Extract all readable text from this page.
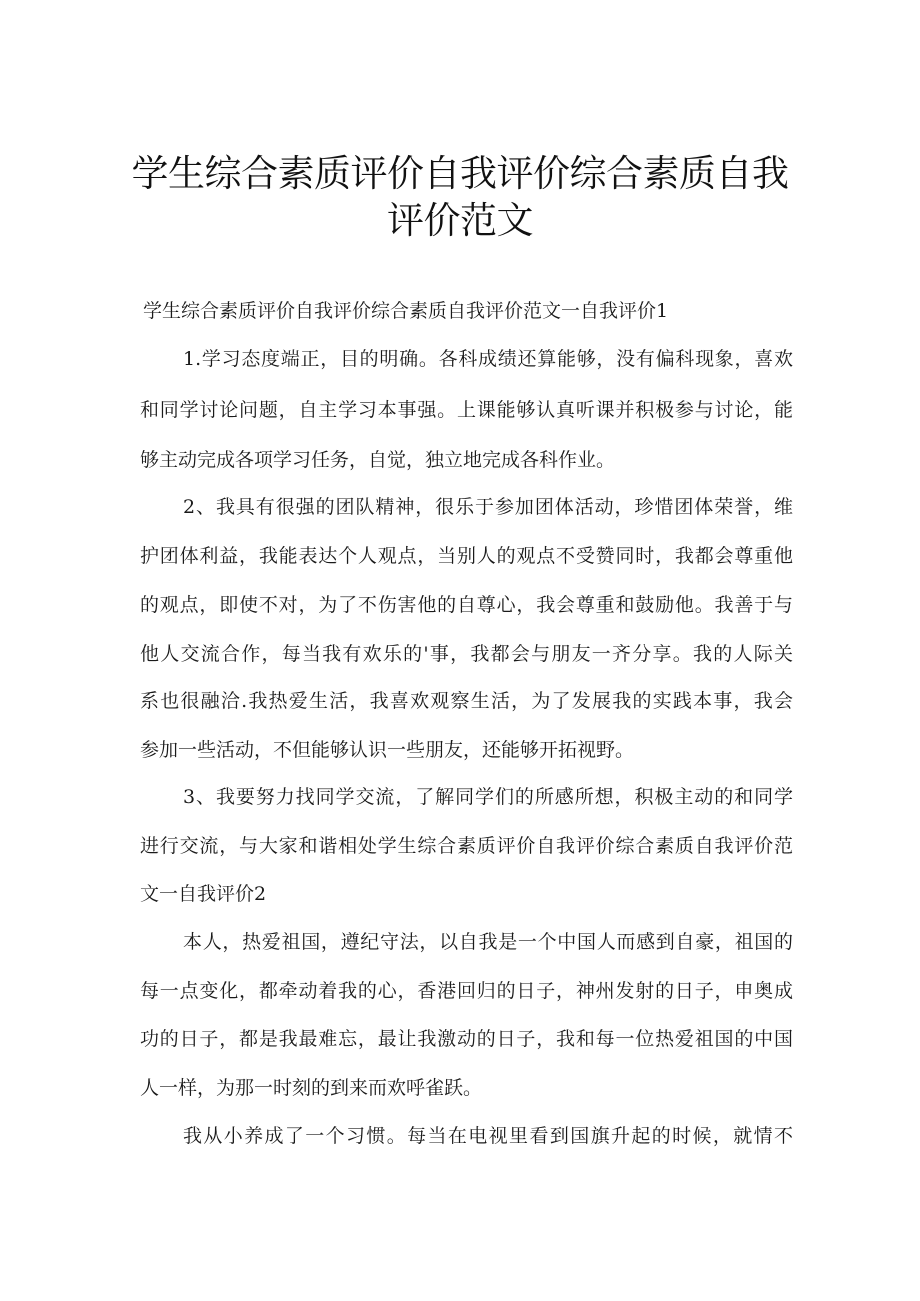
学生综合素质评价自我评价综合素质自我
评价范文
学生综合素质评价自我评价综合素质自我评价范文一自我评价1
1.学习态度端正，目的明确。各科成绩还算能够，没有偏科现象，喜欢
和同学讨论问题，自主学习本事强。上课能够认真听课并积极参与讨论，能
够主动完成各项学习任务，自觉，独立地完成各科作业。
2、我具有很强的团队精神，很乐于参加团体活动，珍惜团体荣誉，维
护团体利益，我能表达个人观点，当别人的观点不受赞同时，我都会尊重他
的观点，即使不对，为了不伤害他的自尊心，我会尊重和鼓励他。我善于与
他人交流合作，每当我有欢乐的'事，我都会与朋友一齐分享。我的人际关
系也很融洽.我热爱生活，我喜欢观察生活，为了发展我的实践本事，我会
参加一些活动，不但能够认识一些朋友，还能够开拓视野。
3、我要努力找同学交流，了解同学们的所感所想，积极主动的和同学
进行交流，与大家和谐相处学生综合素质评价自我评价综合素质自我评价范
文一自我评价2
本人，热爱祖国，遵纪守法，以自我是一个中国人而感到自豪，祖国的
每一点变化，都牵动着我的心，香港回归的日子，神州发射的日子，申奥成
功的日子，都是我最难忘，最让我激动的日子，我和每一位热爱祖国的中国
人一样，为那一时刻的到来而欢呼雀跃。
我从小养成了一个习惯。每当在电视里看到国旗升起的时候，就情不
